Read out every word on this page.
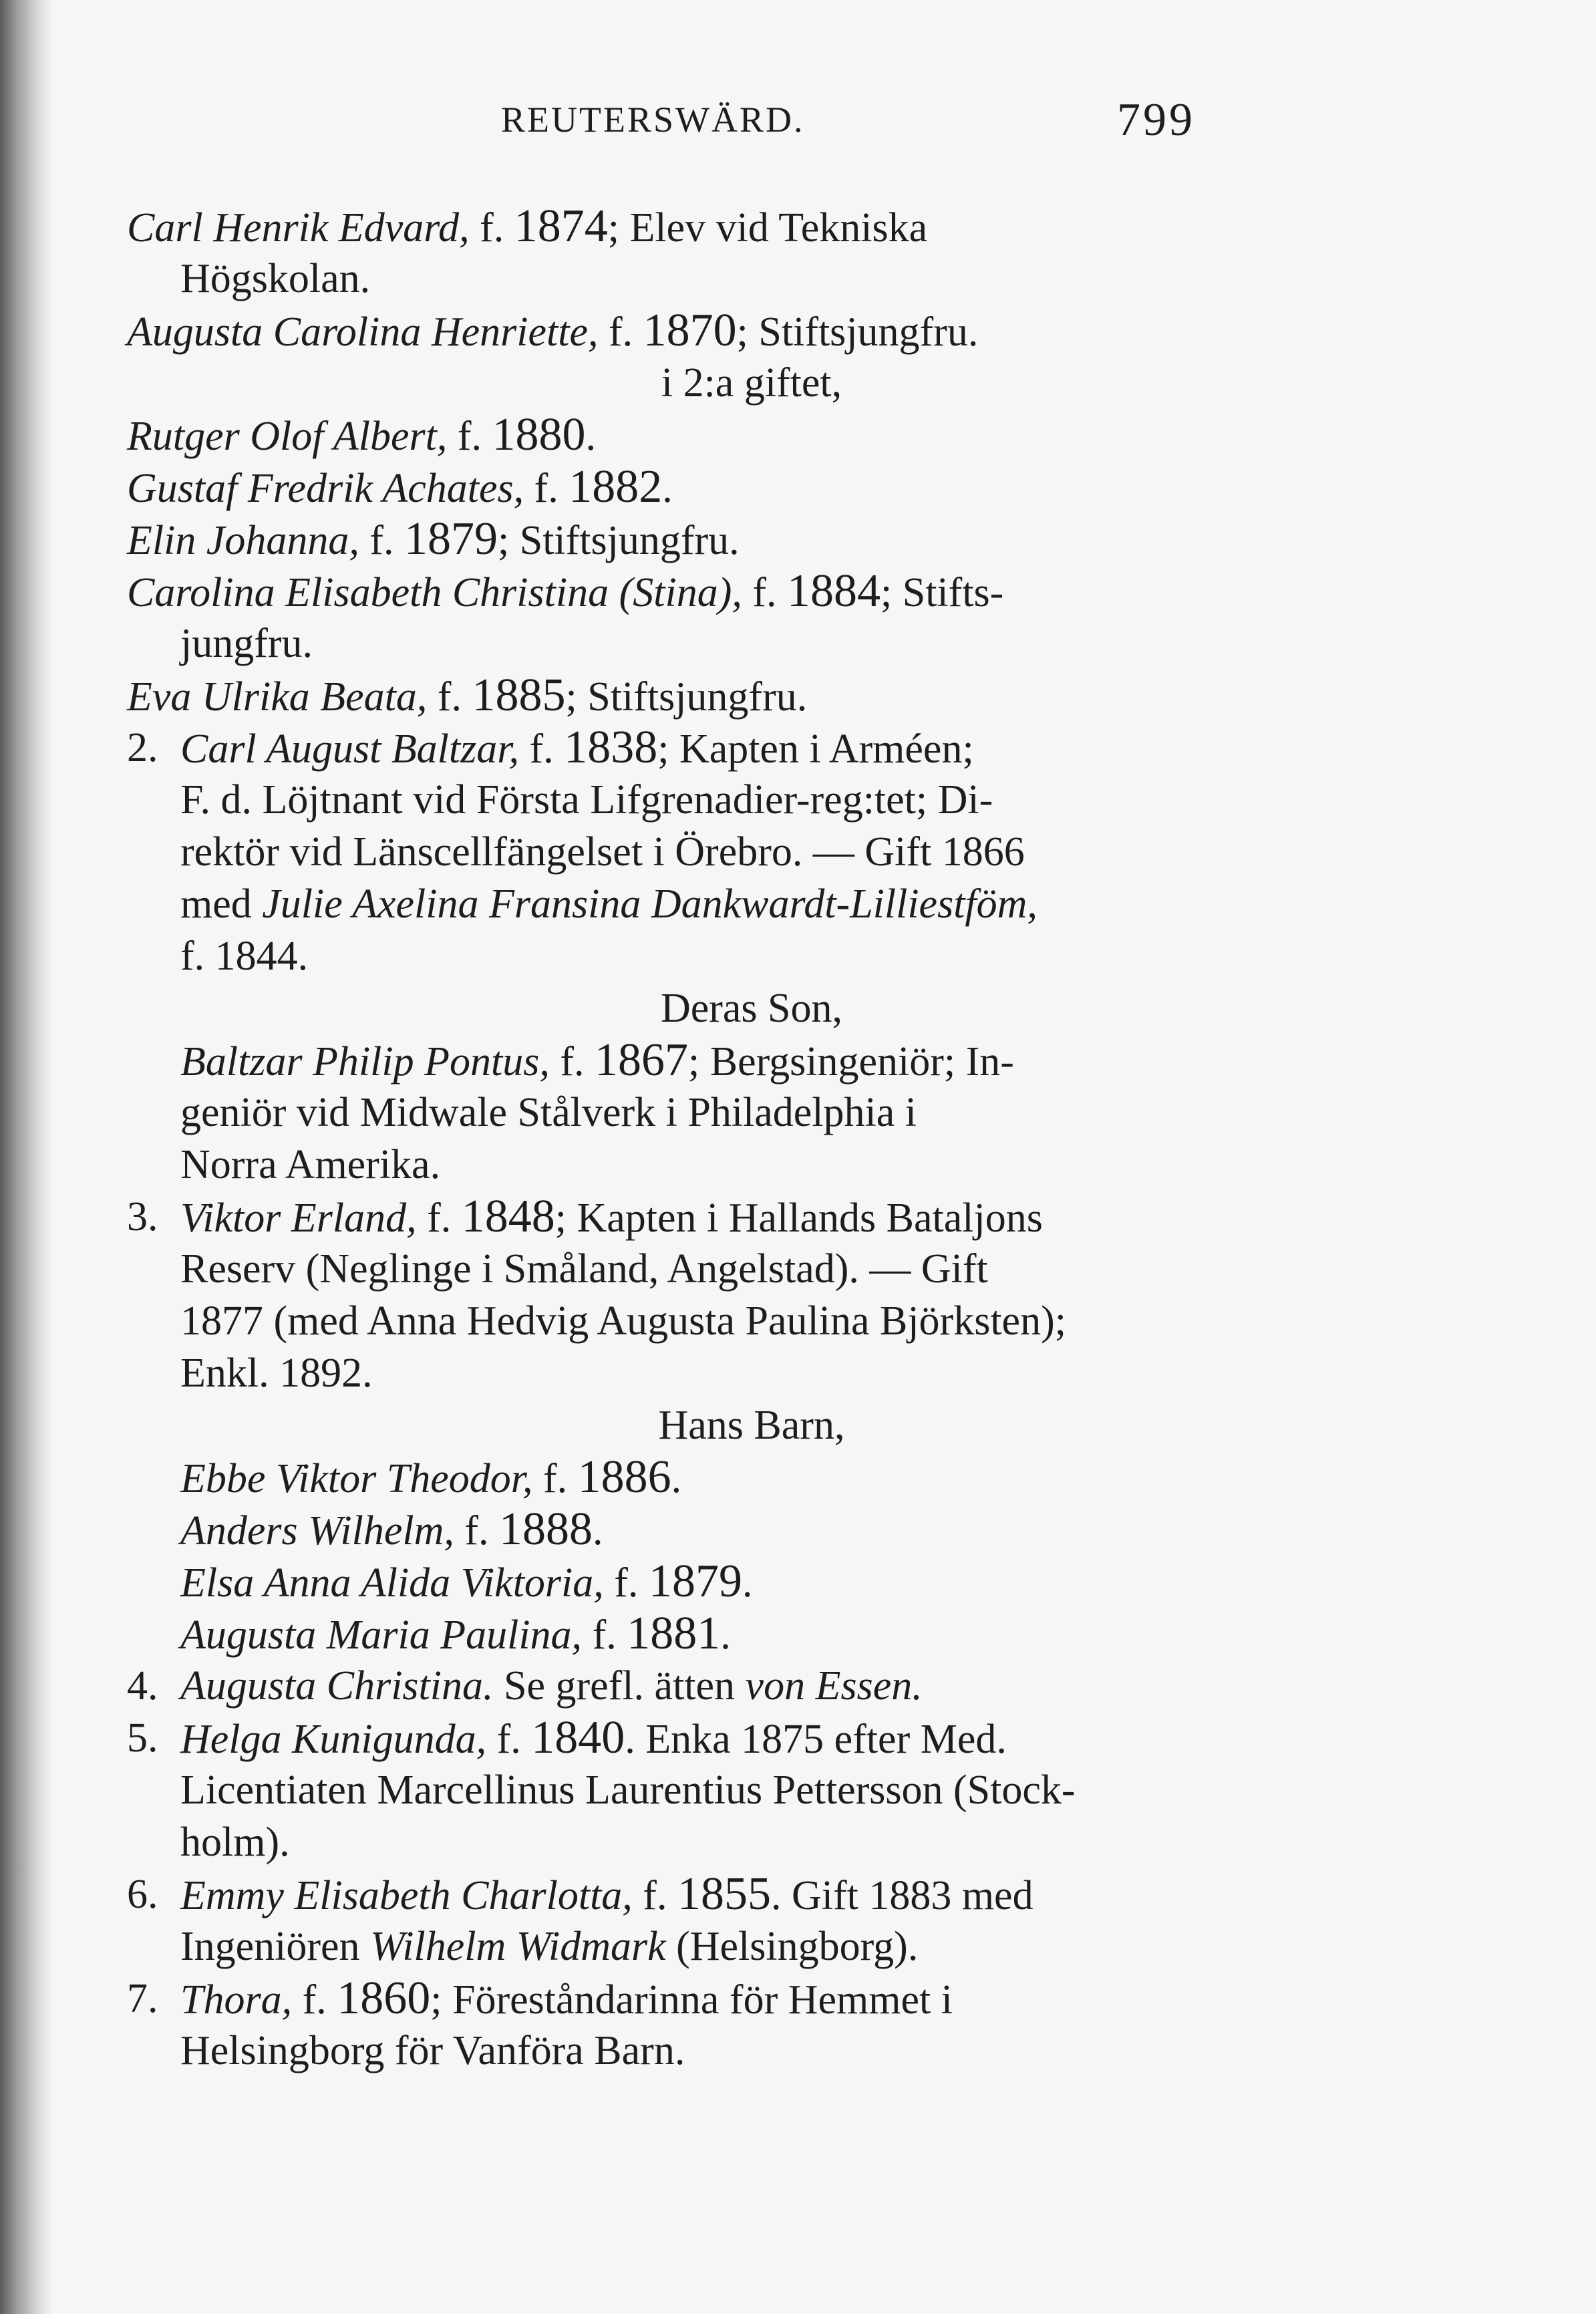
REUTERSWÄRD.	799
Carl Henrik Edvard, f. 1874; Elev vid Tekniska
Högskolan.
Augusta Carolina Henriette, f. 1870; Stiftsjungfru.
i 2:a giftet,
Rutger Olof Albert, f. 1880.
Gustaf Fredrik Achates, f. 1882.
Elin Johanna, f. 1879; Stiftsjungfru.
Carolina Elisabeth Christina (Stina), f. 1884; Stifts-
jungfru.
Eva Ulrika Beata, f. 1885; Stiftsjungfru.
2. Carl August Baltzar, f. 1838; Kapten i Arméen;
F. d. Löjtnant vid Första Lifgrenadier-reg:tet; Di-
rektör vid Länscellfängelset i Örebro. — Gift 1866
med Julie Axelina Fransina Dankwardt-Lilliestföm,
f. 1844.
Deras Son,
Baltzar Philip Pontus, f. 1867; Bergsingeniör; In-
geniör vid Midwale Stålverk i Philadelphia i
Norra Amerika.
3. Viktor Erland, f. 1848; Kapten i Hallands Bataljons
Reserv (Neglinge i Småland, Angelstad). — Gift
1877 (med Anna Hedvig Augusta Paulina Björksten);
Enkl. 1892.
Hans Barn,
Ebbe Viktor Theodor, f. 1886.
Anders Wilhelm, f. 1888.
Elsa Anna Alida Viktoria, f. 1879.
Augusta Maria Paulina, f. 1881.
4. Augusta Christina. Se grefl. ätten von Essen.
5. Helga Kunigunda, f. 1840. Enka 1875 efter Med.
Licentiaten Marcellinus Laurentius Pettersson (Stock-
holm).
6. Emmy Elisabeth Charlotta, f. 1855. Gift 1883 med
Ingeniören Wilhelm Widmark (Helsingborg).
7. Thora, f. 1860; Föreståndarinna för Hemmet i
Helsingborg för Vanföra Barn.
